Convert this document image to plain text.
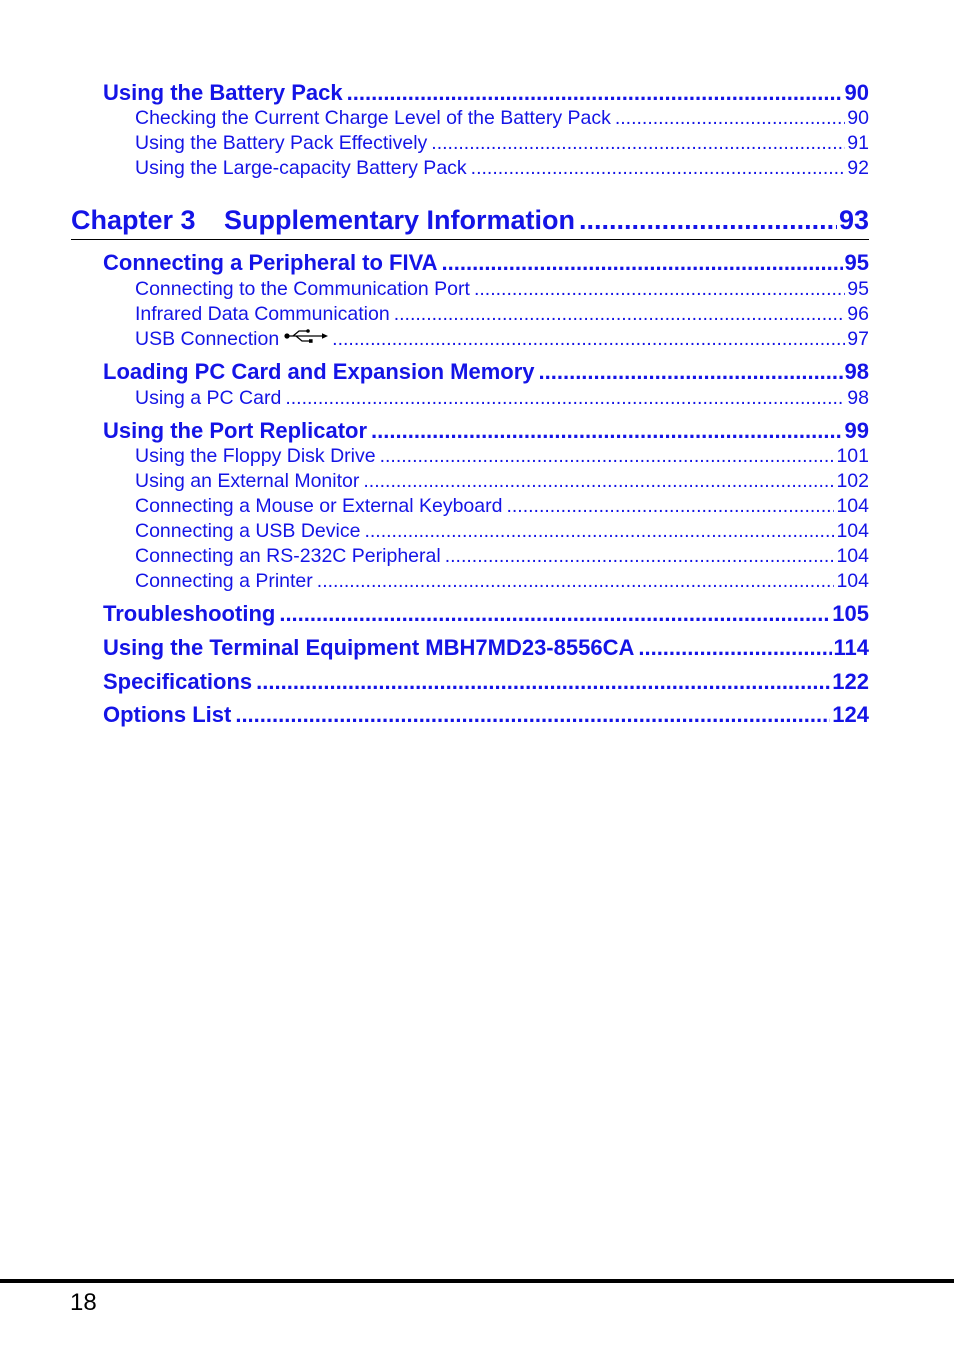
Using the Battery Pack .....	90
Checking the Current Charge Level of the Battery Pack .....	90
Using the Battery Pack Effectively .....	91
Using the Large-capacity Battery Pack .....	92
Chapter 3 Supplementary Information .....	93
Connecting a Peripheral to FIVA .....	95
Connecting to the Communication Port .....	95
Infrared Data Communication .....	96
USB Connection .....	97
Loading PC Card and Expansion Memory .....	98
Using a PC Card .....	98
Using the Port Replicator .....	99
Using the Floppy Disk Drive .....	101
Using an External Monitor .....	102
Connecting a Mouse or External Keyboard .....	104
Connecting a USB Device .....	104
Connecting an RS-232C Peripheral .....	104
Connecting a Printer .....	104
Troubleshooting .....	105
Using the Terminal Equipment MBH7MD23-8556CA .....	114
Specifications .....	122
Options List .....	124
18
